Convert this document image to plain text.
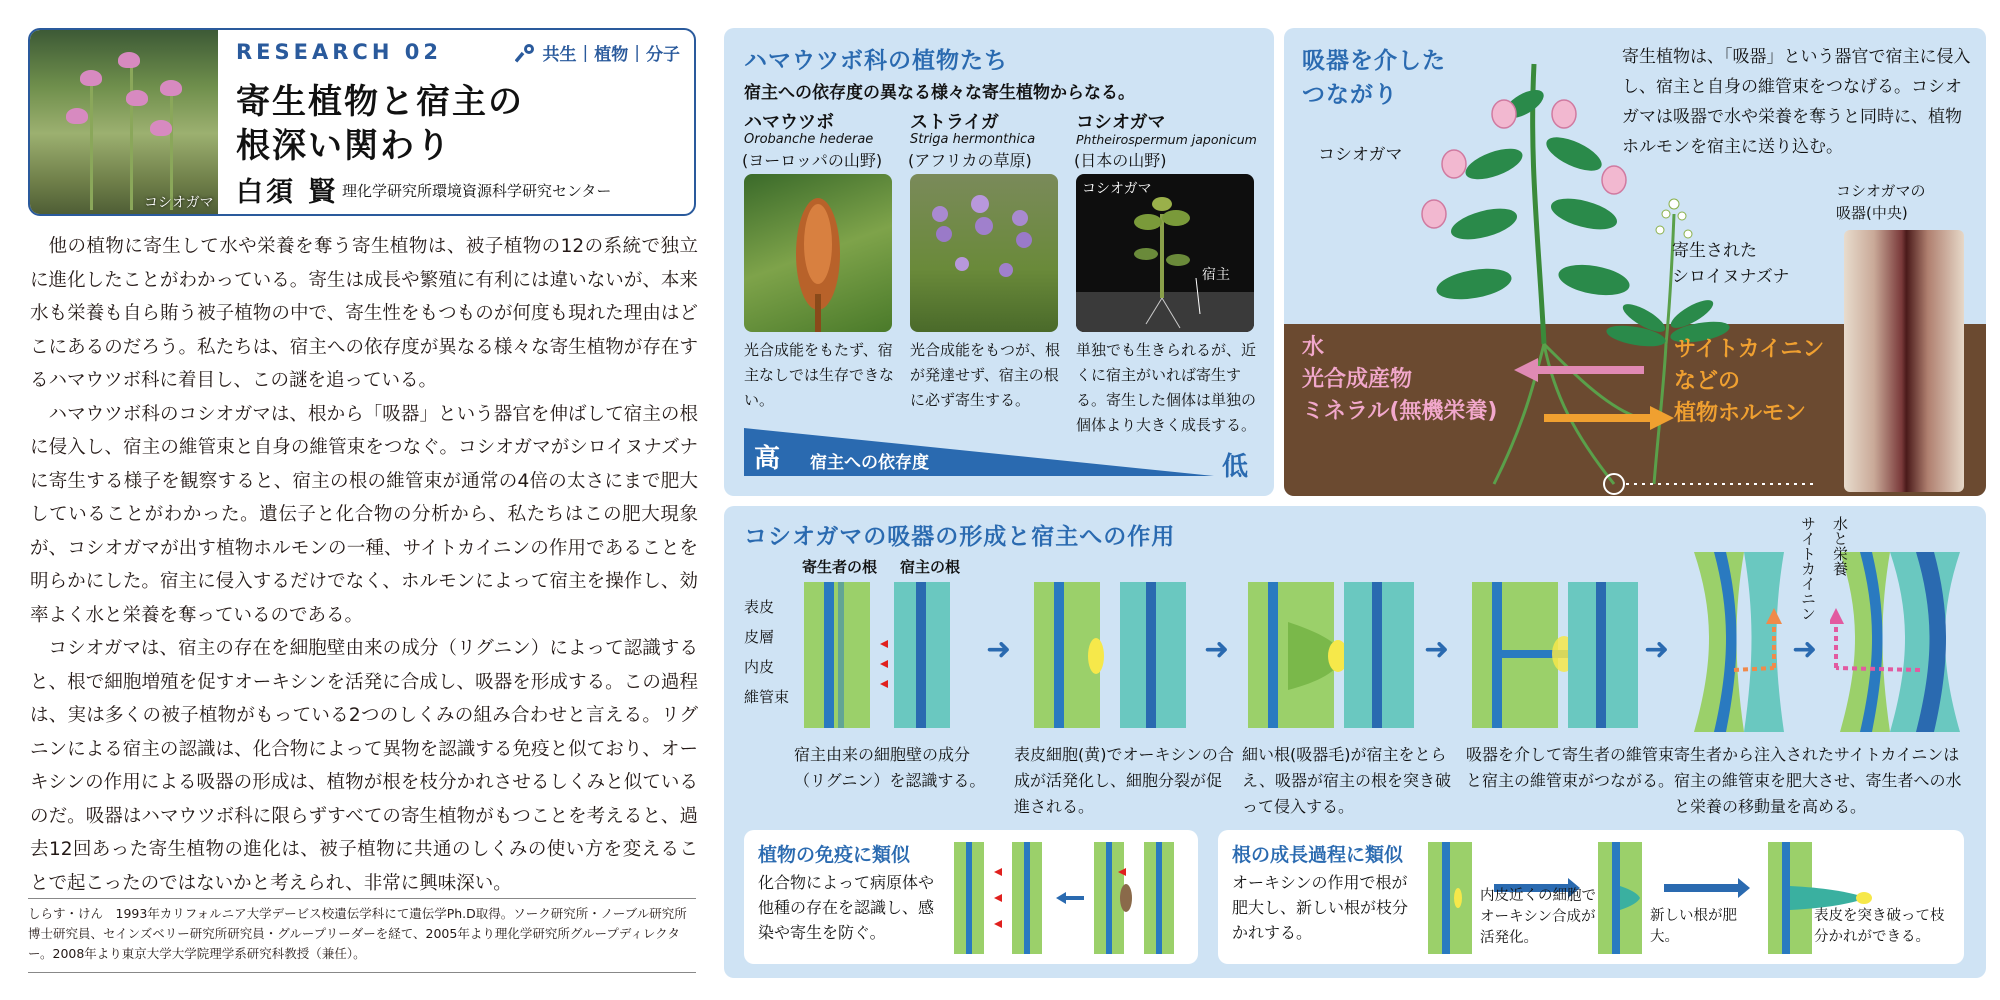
コシオガマ
RESEARCH 02	共生 | 植物 | 分子
寄生植物と宿主の
根深い関わり
白須 賢 理化学研究所環境資源科学研究センター

他の植物に寄生して水や栄養を奪う寄生植物は、被子植物の12の系統で独立に進化したことがわかっている。寄生は成長や繁殖に有利には違いないが、本来水も栄養も自ら賄う被子植物の中で、寄生性をもつものが何度も現れた理由はどこにあるのだろう。私たちは、宿主への依存度が異なる様々な寄生植物が存在するハマウツボ科に着目し、この謎を追っている。

ハマウツボ科のコシオガマは、根から「吸器」という器官を伸ばして宿主の根に侵入し、宿主の維管束と自身の維管束をつなぐ。コシオガマがシロイヌナズナに寄生する様子を観察すると、宿主の根の維管束が通常の4倍の太さにまで肥大していることがわかった。遺伝子と化合物の分析から、私たちはこの肥大現象が、コシオガマが出す植物ホルモンの一種、サイトカイニンの作用であることを明らかにした。宿主に侵入するだけでなく、ホルモンによって宿主を操作し、効率よく水と栄養を奪っているのである。

コシオガマは、宿主の存在を細胞壁由来の成分（リグニン）によって認識すると、根で細胞増殖を促すオーキシンを活発に合成し、吸器を形成する。この過程は、実は多くの被子植物がもっている2つのしくみの組み合わせと言える。リグニンによる宿主の認識は、化合物によって異物を認識する免疫と似ており、オーキシンの作用による吸器の形成は、植物が根を枝分かれさせるしくみと似ているのだ。吸器はハマウツボ科に限らずすべての寄生植物がもつことを考えると、過去12回あった寄生植物の進化は、被子植物に共通のしくみの使い方を変えることで起こったのではないかと考えられ、非常に興味深い。

しらす・けん　1993年カリフォルニア大学デービス校遺伝学科にて遺伝学Ph.D取得。ソーク研究所・ノーブル研究所博士研究員、セインズベリー研究所研究員・グループリーダーを経て、2005年より理化学研究所グループディレクター。2008年より東京大学大学院理学系研究科教授（兼任）。
ハマウツボ科の植物たち
宿主への依存度の異なる様々な寄生植物からなる。
ハマウツボ
Orobanche hederae
(ヨーロッパの山野)
光合成能をもたず、宿主なしでは生存できない。
ストライガ
Striga hermonthica
(アフリカの草原)
光合成能をもつが、根が発達せず、宿主の根に必ず寄生する。
コシオガマ
Phtheirospermum japonicum
(日本の山野)
コシオガマ
宿主
単独でも生きられるが、近くに宿主がいれば寄生する。寄生した個体は単独の個体より大きく成長する。
高 宿主への依存度	低
吸器を介した
つながり
寄生植物は、「吸器」という器官で宿主に侵入し、宿主と自身の維管束をつなげる。コシオガマは吸器で水や栄養を奪うと同時に、植物ホルモンを宿主に送り込む。
コシオガマ
寄生された
シロイヌナズナ
コシオガマの
吸器(中央)
水
光合成産物
ミネラル(無機栄養)
サイトカイニン
などの
植物ホルモン
コシオガマの吸器の形成と宿主への作用
寄生者の根 宿主の根
表皮
皮層
内皮
維管束
➜	➜	➜	➜	➜
サイトカイニン 水と栄養
宿主由来の細胞壁の成分（リグニン）を認識する。
表皮細胞(黄)でオーキシンの合成が活発化し、細胞分裂が促進される。
細い根(吸器毛)が宿主をとらえ、吸器が宿主の根を突き破って侵入する。
吸器を介して寄生者の維管束と宿主の維管束がつながる。
寄生者から注入されたサイトカイニンは宿主の維管束を肥大させ、寄生者への水と栄養の移動量を高める。
植物の免疫に類似
化合物によって病原体や他種の存在を認識し、感染や寄生を防ぐ。
根の成長過程に類似
オーキシンの作用で根が肥大し、新しい根が枝分かれする。
内皮近くの細胞でオーキシン合成が活発化。
新しい根が肥大。
表皮を突き破って枝分かれができる。
